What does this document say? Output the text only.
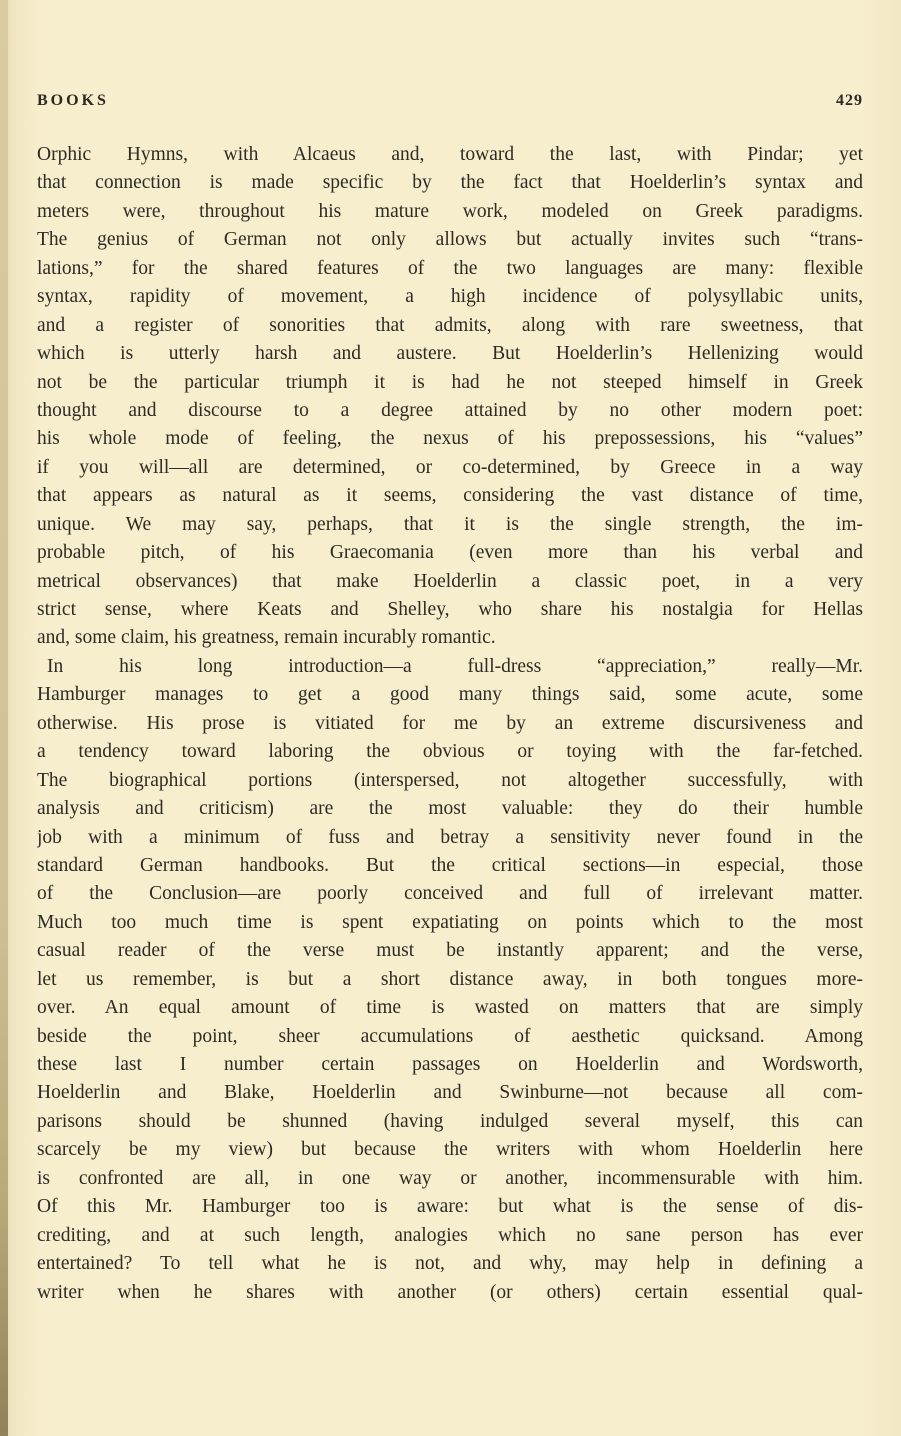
BOOKS	429
Orphic Hymns, with Alcaeus and, toward the last, with Pindar; yet
that connection is made specific by the fact that Hoelderlin’s syntax and
meters were, throughout his mature work, modeled on Greek paradigms.
The genius of German not only allows but actually invites such “trans-
lations,” for the shared features of the two languages are many: flexible
syntax, rapidity of movement, a high incidence of polysyllabic units,
and a register of sonorities that admits, along with rare sweetness, that
which is utterly harsh and austere. But Hoelderlin’s Hellenizing would
not be the particular triumph it is had he not steeped himself in Greek
thought and discourse to a degree attained by no other modern poet:
his whole mode of feeling, the nexus of his prepossessions, his “values”
if you will—all are determined, or co-determined, by Greece in a way
that appears as natural as it seems, considering the vast distance of time,
unique. We may say, perhaps, that it is the single strength, the im-
probable pitch, of his Graecomania (even more than his verbal and
metrical observances) that make Hoelderlin a classic poet, in a very
strict sense, where Keats and Shelley, who share his nostalgia for Hellas
and, some claim, his greatness, remain incurably romantic.
In his long introduction—a full-dress “appreciation,” really—Mr.
Hamburger manages to get a good many things said, some acute, some
otherwise. His prose is vitiated for me by an extreme discursiveness and
a tendency toward laboring the obvious or toying with the far-fetched.
The biographical portions (interspersed, not altogether successfully, with
analysis and criticism) are the most valuable: they do their humble
job with a minimum of fuss and betray a sensitivity never found in the
standard German handbooks. But the critical sections—in especial, those
of the Conclusion—are poorly conceived and full of irrelevant matter.
Much too much time is spent expatiating on points which to the most
casual reader of the verse must be instantly apparent; and the verse,
let us remember, is but a short distance away, in both tongues more-
over. An equal amount of time is wasted on matters that are simply
beside the point, sheer accumulations of aesthetic quicksand. Among
these last I number certain passages on Hoelderlin and Wordsworth,
Hoelderlin and Blake, Hoelderlin and Swinburne—not because all com-
parisons should be shunned (having indulged several myself, this can
scarcely be my view) but because the writers with whom Hoelderlin here
is confronted are all, in one way or another, incommensurable with him.
Of this Mr. Hamburger too is aware: but what is the sense of dis-
crediting, and at such length, analogies which no sane person has ever
entertained? To tell what he is not, and why, may help in defining a
writer when he shares with another (or others) certain essential qual-
